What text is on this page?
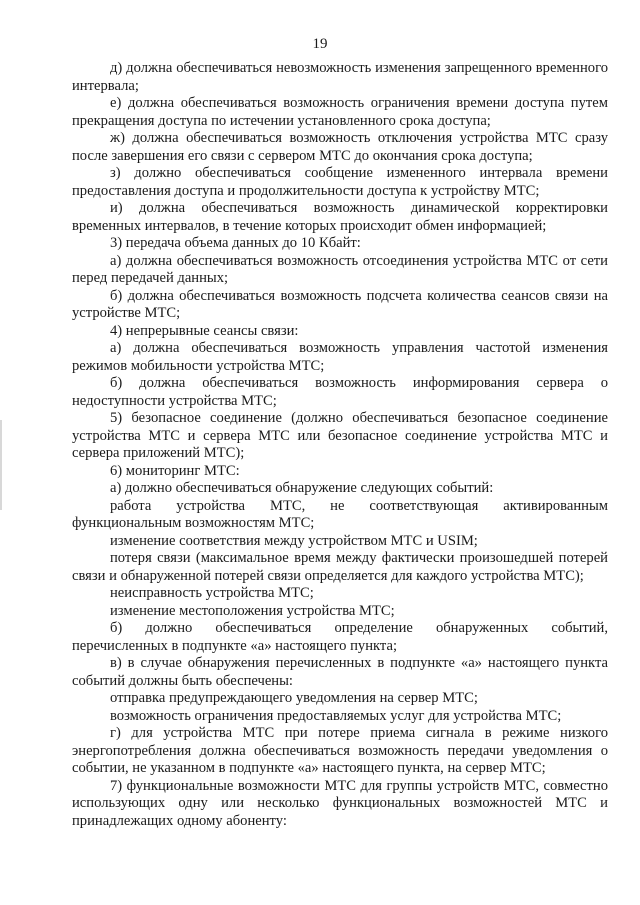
19

д) должна обеспечиваться невозможность изменения запрещенного временного интервала;

е) должна обеспечиваться возможность ограничения времени доступа путем прекращения доступа по истечении установленного срока доступа;

ж) должна обеспечиваться возможность отключения устройства МТС сразу после завершения его связи с сервером МТС до окончания срока доступа;

з) должно обеспечиваться сообщение измененного интервала времени предоставления доступа и продолжительности доступа к устройству МТС;

и) должна обеспечиваться возможность динамической корректировки временных интервалов, в течение которых происходит обмен информацией;

3) передача объема данных до 10 Кбайт:

а) должна обеспечиваться возможность отсоединения устройства МТС от сети перед передачей данных;

б) должна обеспечиваться возможность подсчета количества сеансов связи на устройстве МТС;

4) непрерывные сеансы связи:

а) должна обеспечиваться возможность управления частотой изменения режимов мобильности устройства МТС;

б) должна обеспечиваться возможность информирования сервера о недоступности устройства МТС;

5) безопасное соединение (должно обеспечиваться безопасное соединение устройства МТС и сервера МТС или безопасное соединение устройства МТС и сервера приложений МТС);

6) мониторинг МТС:

а) должно обеспечиваться обнаружение следующих событий:

работа устройства МТС, не соответствующая активированным функциональным возможностям МТС;

изменение соответствия между устройством МТС и USIM;

потеря связи (максимальное время между фактически произошедшей потерей связи и обнаруженной потерей связи определяется для каждого устройства МТС);

неисправность устройства МТС;

изменение местоположения устройства МТС;

б) должно обеспечиваться определение обнаруженных событий, перечисленных в подпункте «а» настоящего пункта;

в) в случае обнаружения перечисленных в подпункте «а» настоящего пункта событий должны быть обеспечены:

отправка предупреждающего уведомления на сервер МТС;

возможность ограничения предоставляемых услуг для устройства МТС;

г) для устройства МТС при потере приема сигнала в режиме низкого энергопотребления должна обеспечиваться возможность передачи уведомления о событии, не указанном в подпункте «а» настоящего пункта, на сервер МТС;

7) функциональные возможности МТС для группы устройств МТС, совместно использующих одну или несколько функциональных возможностей МТС и принадлежащих одному абоненту:
